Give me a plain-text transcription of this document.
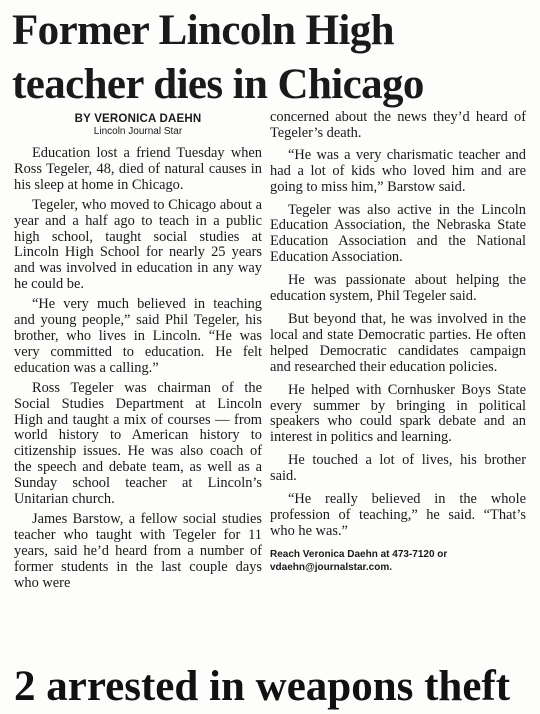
Former Lincoln High
teacher dies in Chicago
BY VERONICA DAEHN
Lincoln Journal Star

Education lost a friend Tuesday when Ross Tegeler, 48, died of natural causes in his sleep at home in Chicago.

Tegeler, who moved to Chicago about a year and a half ago to teach in a public high school, taught social studies at Lincoln High School for nearly 25 years and was involved in education in any way he could be.

“He very much believed in teaching and young people,” said Phil Tegeler, his brother, who lives in Lincoln. “He was very committed to education. He felt education was a calling.”

Ross Tegeler was chairman of the Social Studies Department at Lincoln High and taught a mix of courses — from world history to American history to citizenship issues. He was also coach of the speech and debate team, as well as a Sunday school teacher at Lincoln’s Unitarian church.

James Barstow, a fellow social studies teacher who taught with Tegeler for 11 years, said he’d heard from a number of former students in the last couple days who were

concerned about the news they’d heard of Tegeler’s death.

“He was a very charismatic teacher and had a lot of kids who loved him and are going to miss him,” Barstow said.

Tegeler was also active in the Lincoln Education Association, the Nebraska State Education Association and the National Education Association.

He was passionate about helping the education system, Phil Tegeler said.

But beyond that, he was involved in the local and state Democratic parties. He often helped Democratic candidates campaign and researched their education policies.

He helped with Cornhusker Boys State every summer by bringing in political speakers who could spark debate and an interest in politics and learning.

He touched a lot of lives, his brother said.

“He really believed in the whole profession of teaching,” he said. “That’s who he was.”

Reach Veronica Daehn at 473-7120 or
vdaehn@journalstar.com.
2 arrested in weapons theft
